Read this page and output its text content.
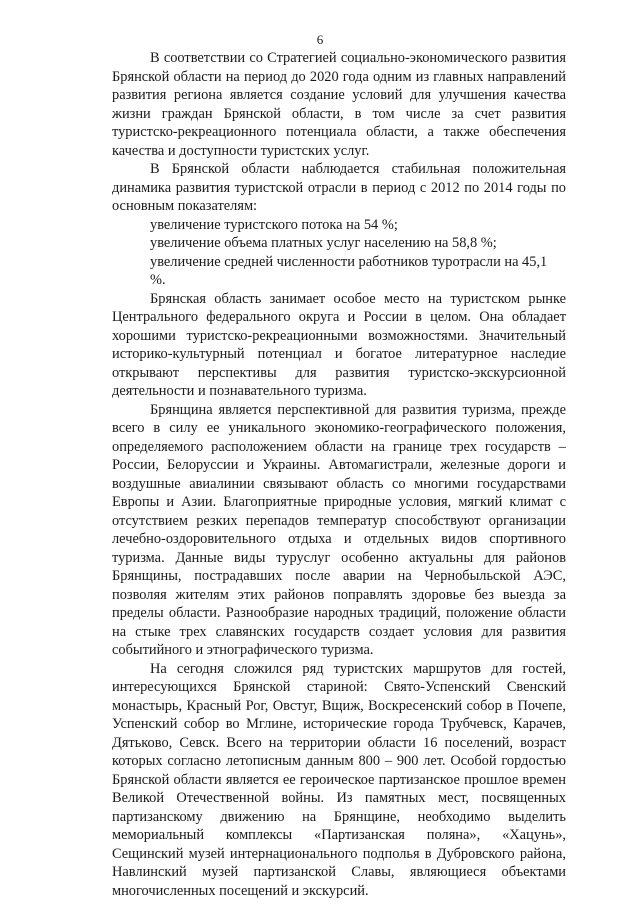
6

В соответствии со Стратегией социально-экономического развития Брянской области на период до 2020 года одним из главных направлений развития региона является создание условий для улучшения качества жизни граждан Брянской области, в том числе за счет развития туристско-рекреационного потенциала области, а также обеспечения качества и доступности туристских услуг.

В Брянской области наблюдается стабильная положительная динамика развития туристской отрасли в период с 2012 по 2014 годы по основным показателям:

увеличение туристского потока на 54 %;

увеличение объема платных услуг населению на 58,8 %;

увеличение средней численности работников туротрасли на 45,1 %.

Брянская область занимает особое место на туристском рынке Центрального федерального округа и России в целом. Она обладает хорошими туристско-рекреационными возможностями. Значительный историко-культурный потенциал и богатое литературное наследие открывают перспективы для развития туристско-экскурсионной деятельности и познавательного туризма.

Брянщина является перспективной для развития туризма, прежде всего в силу ее уникального экономико-географического положения, определяемого расположением области на границе трех государств – России, Белоруссии и Украины. Автомагистрали, железные дороги и воздушные авиалинии связывают область со многими государствами Европы и Азии. Благоприятные природные условия, мягкий климат с отсутствием резких перепадов температур способствуют организации лечебно-оздоровительного отдыха и отдельных видов спортивного туризма. Данные виды туруслуг особенно актуальны для районов Брянщины, пострадавших после аварии на Чернобыльской АЭС, позволяя жителям этих районов поправлять здоровье без выезда за пределы области. Разнообразие народных традиций, положение области на стыке трех славянских государств создает условия для развития событийного и этнографического туризма.

На сегодня сложился ряд туристских маршрутов для гостей, интересующихся Брянской стариной: Свято-Успенский Свенский монастырь, Красный Рог, Овстуг, Вщиж, Воскресенский собор в Почепе, Успенский собор во Мглине, исторические города Трубчевск, Карачев, Дятьково, Севск. Всего на территории области 16 поселений, возраст которых согласно летописным данным 800 – 900 лет. Особой гордостью Брянской области является ее героическое партизанское прошлое времен Великой Отечественной войны. Из памятных мест, посвященных партизанскому движению на Брянщине, необходимо выделить мемориальный комплексы «Партизанская поляна», «Хацунь», Сещинский музей интернационального подполья в Дубровского района, Навлинский музей партизанской Славы, являющиеся объектами многочисленных посещений и экскурсий.
